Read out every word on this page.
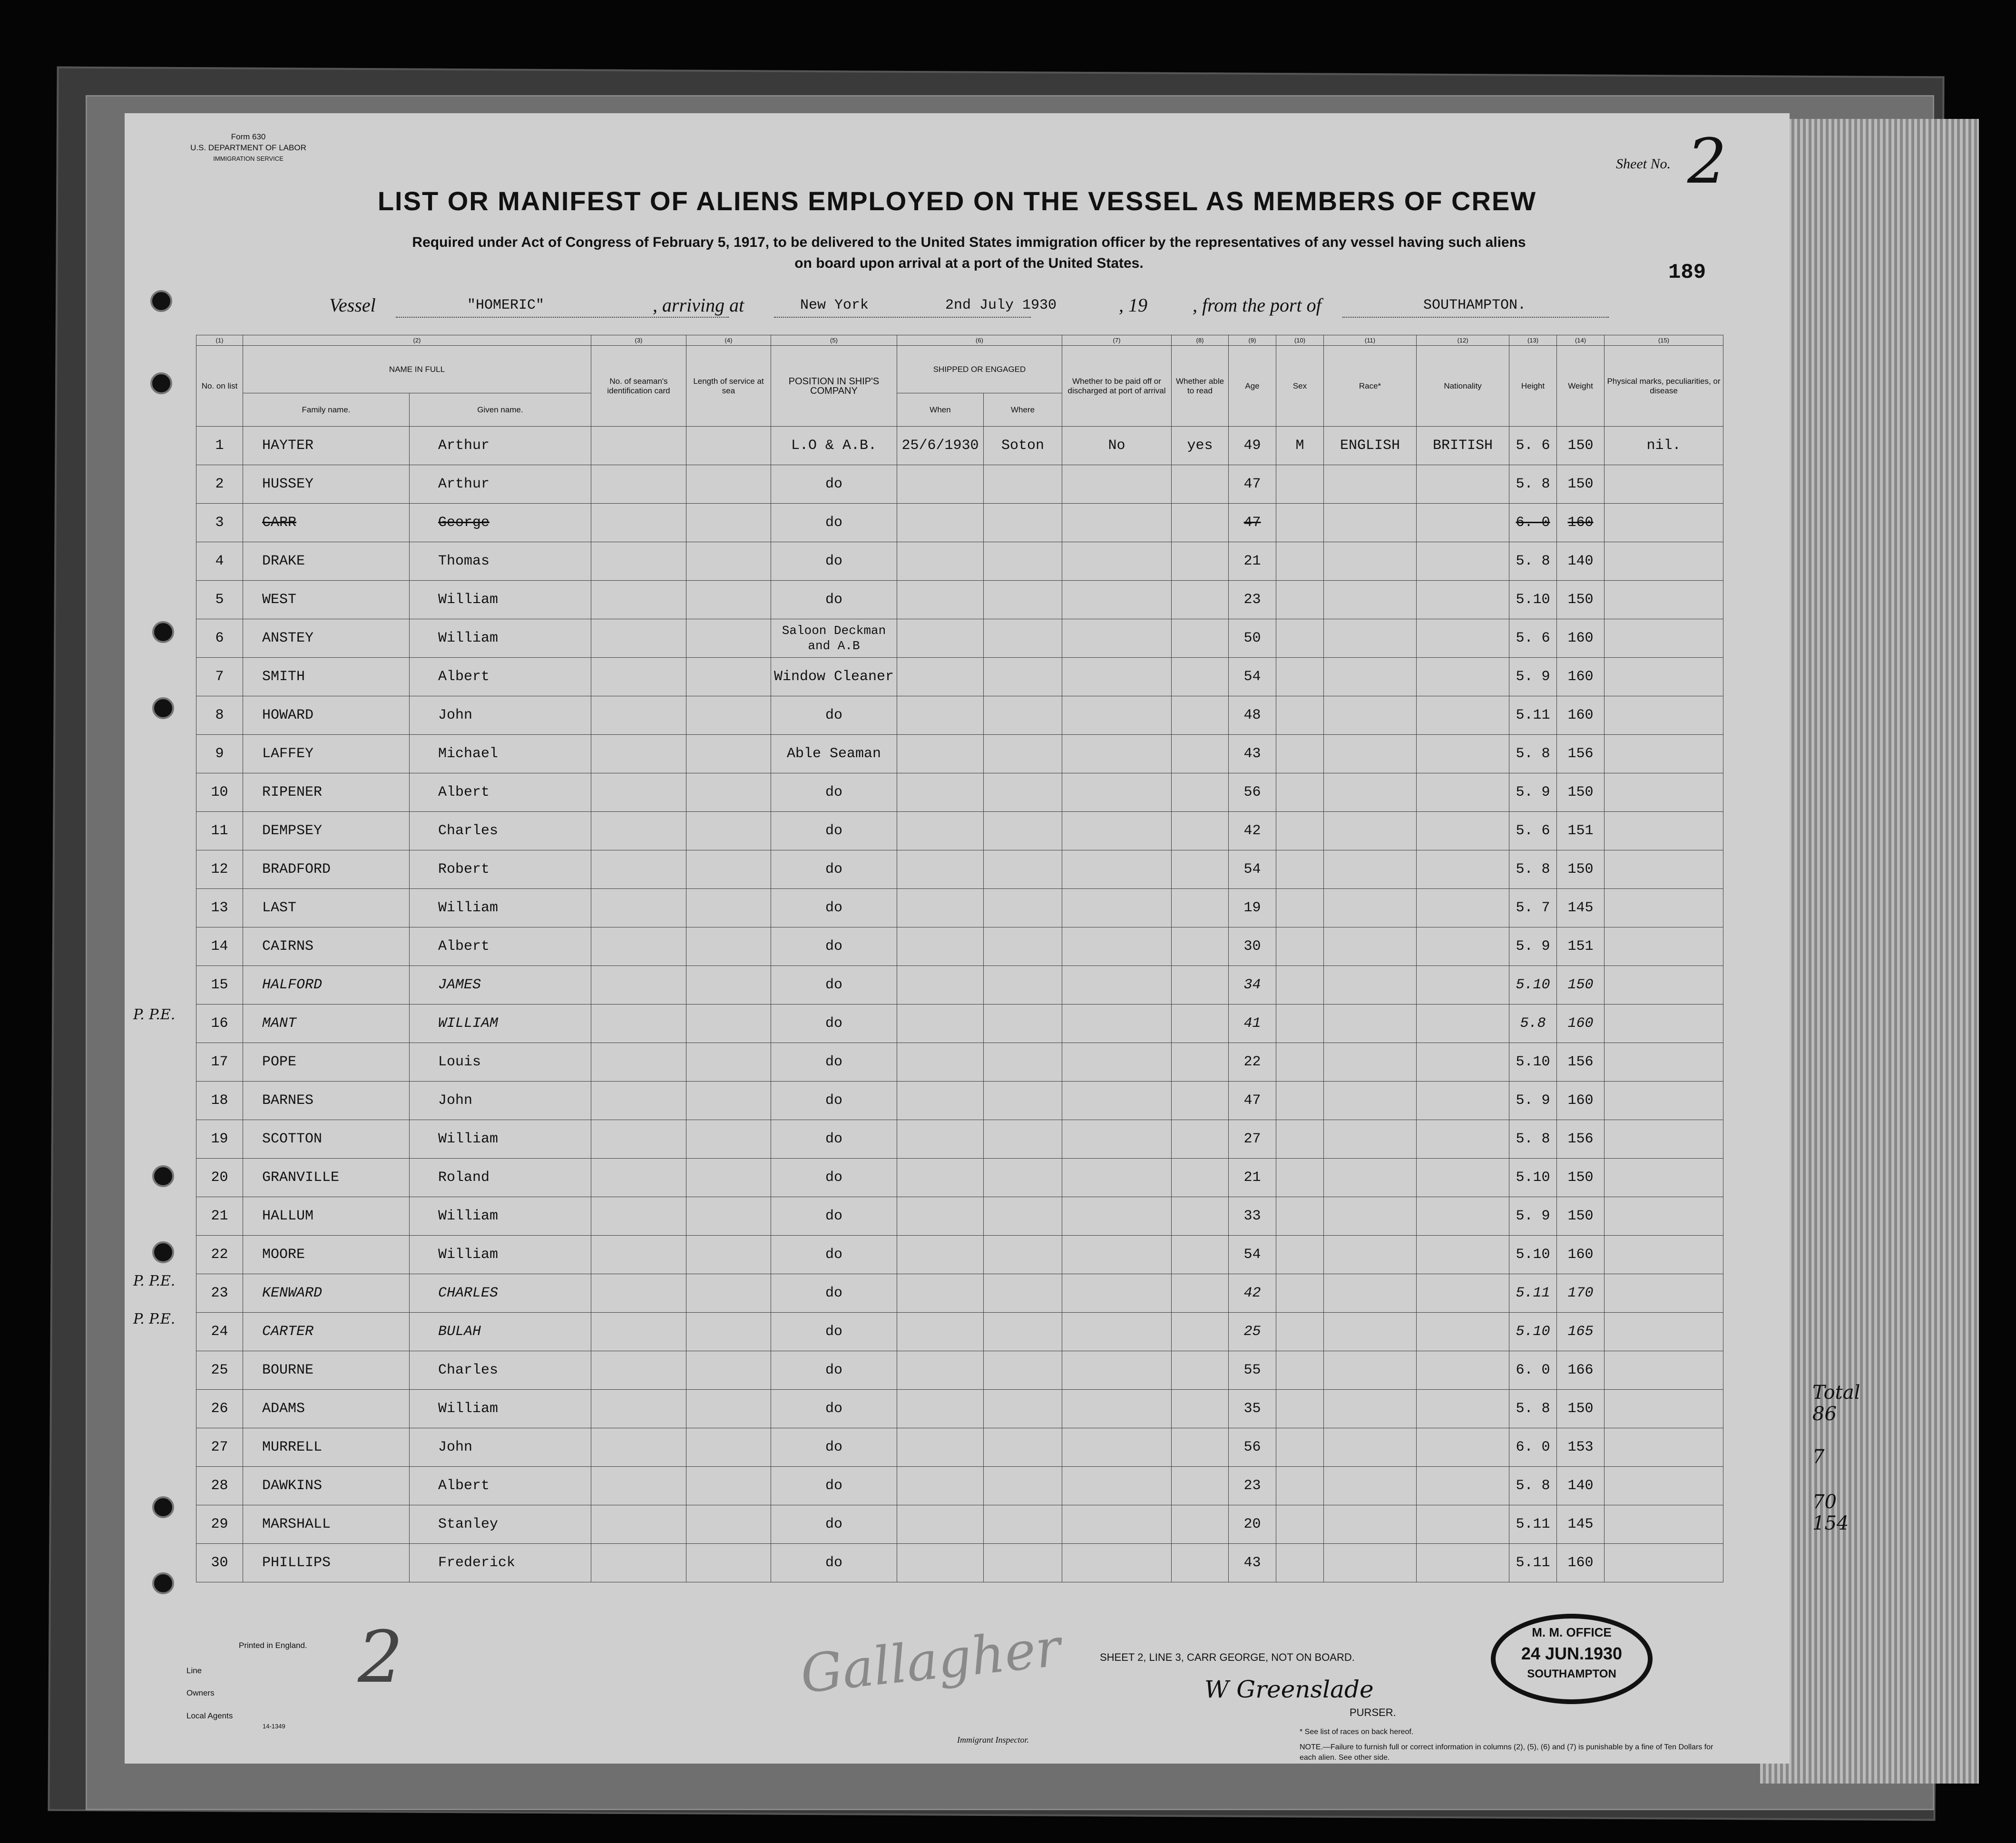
Total
86
7
70
154
Form 630
U.S. DEPARTMENT OF LABOR
IMMIGRATION SERVICE	Sheet No. 2
LIST OR MANIFEST OF ALIENS EMPLOYED ON THE VESSEL AS MEMBERS OF CREW
Required under Act of Congress of February 5, 1917, to be delivered to the United States immigration officer by the representatives of any vessel having such aliens
on board upon arrival at a port of the United States.	189
Vessel	"HOMERIC"	, arriving at	New York	2nd July 1930	, 19 , from the port of	SOUTHAMPTON.
(1)	(2)		(3)	(4)	(5)	(6)		(7)	(8)	(9)	(10)	(11)	(12)	(13)	(14)	(15)
No. on list	NAME IN FULL		No. of seaman's identification card	Length of service at sea	POSITION IN SHIP'S COMPANY	SHIPPED OR ENGAGED		Whether to be paid off or discharged at port of arrival	Whether able to read	Age	Sex	Race*	Nationality	Height	Weight	Physical marks, peculiarities, or disease
	Family name.	Given name.				When	Where									
1	HAYTER	Arthur			L.O & A.B.	25/6/1930	Soton	No	yes	49	M	ENGLISH	BRITISH	5. 6	150	nil.
2	HUSSEY	Arthur			do					47				5. 8	150	
3	CARR	George			do					47				6. 0	160	
4	DRAKE	Thomas			do					21				5. 8	140	
5	WEST	William			do					23				5.10	150	
6	ANSTEY	William			Saloon Deckman and A.B					50				5. 6	160	
7	SMITH	Albert			Window Cleaner					54				5. 9	160	
8	HOWARD	John			do					48				5.11	160	
9	LAFFEY	Michael			Able Seaman					43				5. 8	156	
10	RIPENER	Albert			do					56				5. 9	150	
11	DEMPSEY	Charles			do					42				5. 6	151	
12	BRADFORD	Robert			do					54				5. 8	150	
13	LAST	William			do					19				5. 7	145	
14	CAIRNS	Albert			do					30				5. 9	151	
15	HALFORD	JAMES			do					34				5.10	150	
16	MANT	WILLIAM			do					41				5.8	160	
17	POPE	Louis			do					22				5.10	156	
18	BARNES	John			do					47				5. 9	160	
19	SCOTTON	William			do					27				5. 8	156	
20	GRANVILLE	Roland			do					21				5.10	150	
21	HALLUM	William			do					33				5. 9	150	
22	MOORE	William			do					54				5.10	160	
23	KENWARD	CHARLES			do					42				5.11	170	
24	CARTER	BULAH			do					25				5.10	165	
25	BOURNE	Charles			do					55				6. 0	166	
26	ADAMS	William			do					35				5. 8	150	
27	MURRELL	John			do					56				6. 0	153	
28	DAWKINS	Albert			do					23				5. 8	140	
29	MARSHALL	Stanley			do					20				5.11	145	
30	PHILLIPS	Frederick			do					43				5.11	160	
Printed in England.
Line
Owners
Local Agents
14-1349
2	Gallagher
Immigrant Inspector.
SHEET 2, LINE 3, CARR GEORGE, NOT ON BOARD.
W Greenslade
PURSER.
* See list of races on back hereof.
NOTE.—Failure to furnish full or correct information in columns (2), (5), (6) and (7) is punishable by a fine of Ten Dollars for each alien. See other side.
M. M. OFFICE
24 JUN.1930
SOUTHAMPTON
P. P.E.
P. P.E.
P. P.E.
